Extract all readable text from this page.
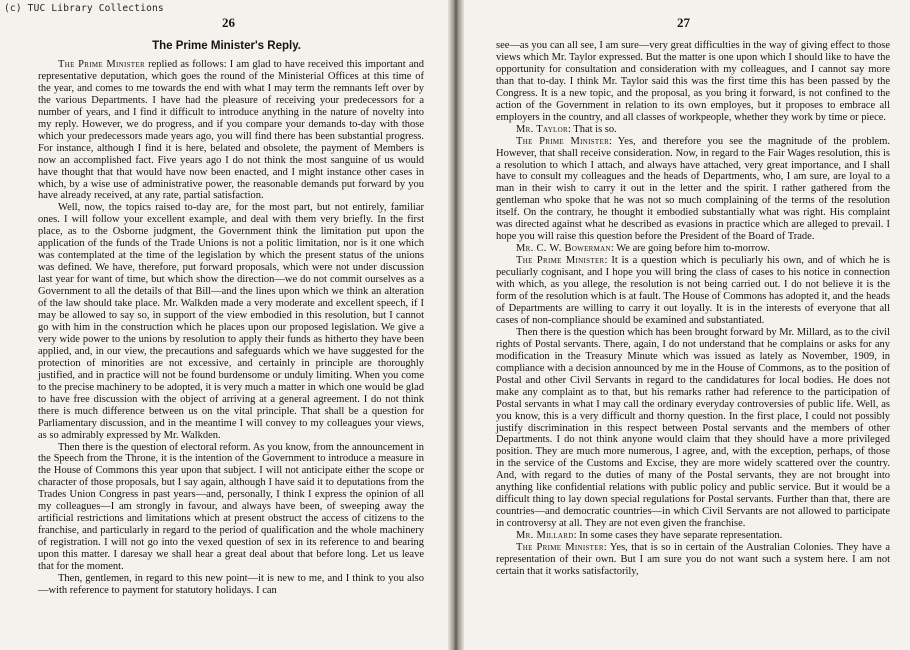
26
The Prime Minister's Reply.

The Prime Minister replied as follows: I am glad to have received this important and representative deputation, which goes the round of the Ministerial Offices at this time of the year, and comes to me towards the end with what I may term the remnants left over by the various Departments. I have had the pleasure of receiving your predecessors for a number of years, and I find it difficult to introduce anything in the nature of novelty into my reply. However, we do progress, and if you compare your demands to-day with those which your predecessors made years ago, you will find there has been substantial progress. For instance, although I find it is here, belated and obsolete, the payment of Members is now an accomplished fact. Five years ago I do not think the most sanguine of us would have thought that that would have now been enacted, and I might instance other cases in which, by a wise use of administrative power, the reasonable demands put forward by you have already received, at any rate, partial satisfaction.

Well, now, the topics raised to-day are, for the most part, but not entirely, familiar ones. I will follow your excellent example, and deal with them very briefly. In the first place, as to the Osborne judgment, the Government think the limitation put upon the application of the funds of the Trade Unions is not a politic limitation, nor is it one which was contemplated at the time of the legislation by which the present status of the unions was defined. We have, therefore, put forward proposals, which were not under discussion last year for want of time, but which show the direction—we do not commit ourselves as a Government to all the details of that Bill—and the lines upon which we think an alteration of the law should take place. Mr. Walkden made a very moderate and excellent speech, if I may be allowed to say so, in support of the view embodied in this resolution, but I cannot go with him in the construction which he places upon our proposed legislation. We give a very wide power to the unions by resolution to apply their funds as hitherto they have been applied, and, in our view, the precautions and safeguards which we have suggested for the protection of minorities are not excessive, and certainly in principle are thoroughly justified, and in practice will not be found burdensome or unduly limiting. When you come to the precise machinery to be adopted, it is very much a matter in which one would be glad to have free discussion with the object of arriving at a general agreement. I do not think there is much difference between us on the vital principle. That shall be a question for Parliamentary discussion, and in the meantime I will convey to my colleagues your views, as so admirably expressed by Mr. Walkden.

Then there is the question of electoral reform. As you know, from the announcement in the Speech from the Throne, it is the intention of the Government to introduce a measure in the House of Commons this year upon that subject. I will not anticipate either the scope or character of those proposals, but I say again, although I have said it to deputations from the Trades Union Congress in past years—and, personally, I think I express the opinion of all my colleagues—I am strongly in favour, and always have been, of sweeping away the artificial restrictions and limitations which at present obstruct the access of citizens to the franchise, and particularly in regard to the period of qualification and the whole machinery of registration. I will not go into the vexed question of sex in its reference to and bearing upon this matter. I daresay we shall hear a great deal about that before long. Let us leave that for the moment.

Then, gentlemen, in regard to this new point—it is new to me, and I think to you also—with reference to payment for statutory holidays. I can

27

see—as you can all see, I am sure—very great difficulties in the way of giving effect to those views which Mr. Taylor expressed. But the matter is one upon which I should like to have the opportunity for consultation and consideration with my colleagues, and I cannot say more than that to-day. I think Mr. Taylor said this was the first time this has been passed by the Congress. It is a new topic, and the proposal, as you bring it forward, is not confined to the action of the Government in relation to its own employes, but it proposes to embrace all employers in the country, and all classes of workpeople, whether they work by time or piece.

Mr. Taylor: That is so.

The Prime Minister: Yes, and therefore you see the magnitude of the problem. However, that shall receive consideration. Now, in regard to the Fair Wages resolution, this is a resolution to which I attach, and always have attached, very great importance, and I shall have to consult my colleagues and the heads of Departments, who, I am sure, are loyal to a man in their wish to carry it out in the letter and the spirit. I rather gathered from the gentleman who spoke that he was not so much complaining of the terms of the resolution itself. On the contrary, he thought it embodied substantially what was right. His complaint was directed against what he described as evasions in practice which are alleged to prevail. I hope you will raise this question before the President of the Board of Trade.

Mr. C. W. Bowerman: We are going before him to-morrow.

The Prime Minister: It is a question which is peculiarly his own, and of which he is peculiarly cognisant, and I hope you will bring the class of cases to his notice in connection with which, as you allege, the resolution is not being carried out. I do not believe it is the form of the resolution which is at fault. The House of Commons has adopted it, and the heads of Departments are willing to carry it out loyally. It is in the interests of everyone that all cases of non-compliance should be examined and substantiated.

Then there is the question which has been brought forward by Mr. Millard, as to the civil rights of Postal servants. There, again, I do not understand that he complains or asks for any modification in the Treasury Minute which was issued as lately as November, 1909, in compliance with a decision announced by me in the House of Commons, as to the position of Postal and other Civil Servants in regard to the candidatures for local bodies. He does not make any complaint as to that, but his remarks rather had reference to the participation of Postal servants in what I may call the ordinary everyday controversies of public life. Well, as you know, this is a very difficult and thorny question. In the first place, I could not possibly justify discrimination in this respect between Postal servants and the members of other Departments. I do not think anyone would claim that they should have a more privileged position. They are much more numerous, I agree, and, with the exception, perhaps, of those in the service of the Customs and Excise, they are more widely scattered over the country. And, with regard to the duties of many of the Postal servants, they are not brought into anything like confidential relations with public policy and public service. But it would be a difficult thing to lay down special regulations for Postal servants. Further than that, there are countries—and democratic countries—in which Civil Servants are not allowed to participate in controversy at all. They are not even given the franchise.

Mr. Millard: In some cases they have separate representation.

The Prime Minister: Yes, that is so in certain of the Australian Colonies. They have a representation of their own. But I am sure you do not want such a system here. I am not certain that it works satisfactorily,

(c) TUC Library Collections
